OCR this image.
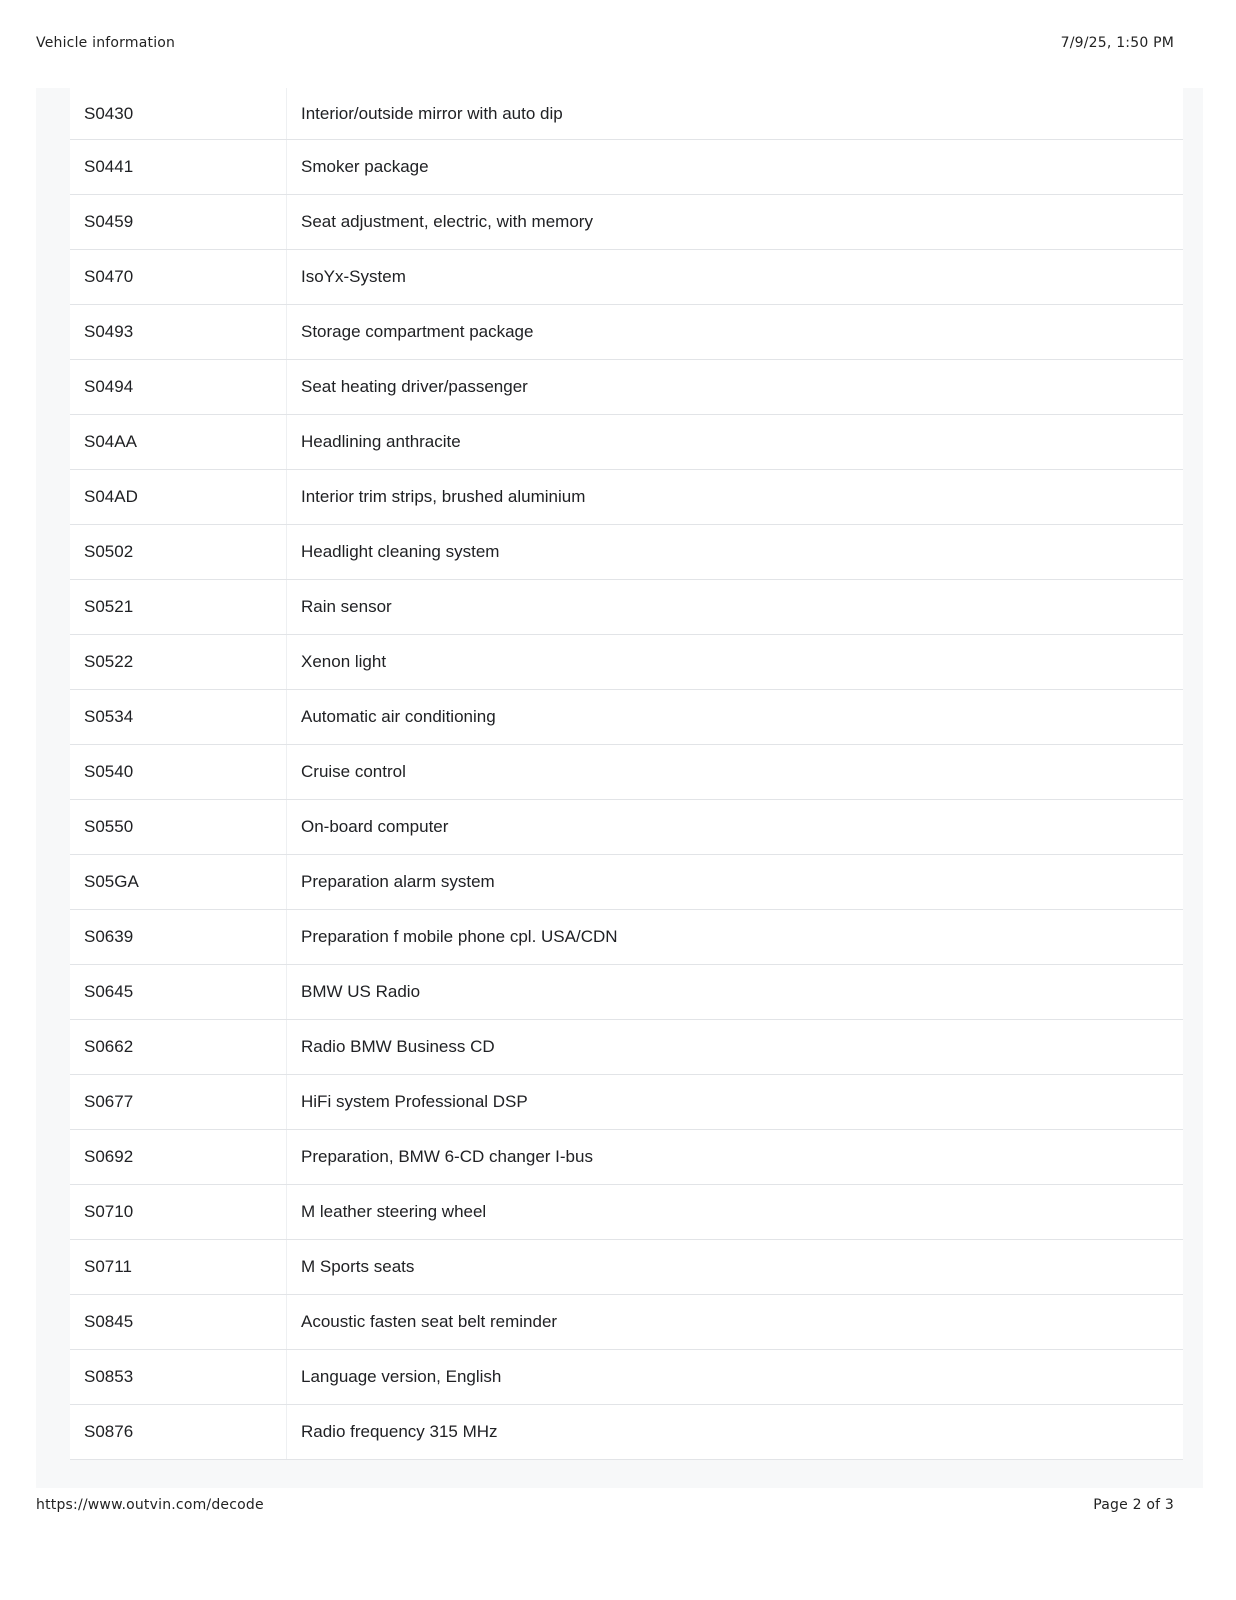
Vehicle information	7/9/25, 1:50 PM
S0430	Interior/outside mirror with auto dip
S0441	Smoker package
S0459	Seat adjustment, electric, with memory
S0470	IsoYx-System
S0493	Storage compartment package
S0494	Seat heating driver/passenger
S04AA	Headlining anthracite
S04AD	Interior trim strips, brushed aluminium
S0502	Headlight cleaning system
S0521	Rain sensor
S0522	Xenon light
S0534	Automatic air conditioning
S0540	Cruise control
S0550	On-board computer
S05GA	Preparation alarm system
S0639	Preparation f mobile phone cpl. USA/CDN
S0645	BMW US Radio
S0662	Radio BMW Business CD
S0677	HiFi system Professional DSP
S0692	Preparation, BMW 6-CD changer I-bus
S0710	M leather steering wheel
S0711	M Sports seats
S0845	Acoustic fasten seat belt reminder
S0853	Language version, English
S0876	Radio frequency 315 MHz
https://www.outvin.com/decode	Page 2 of 3
